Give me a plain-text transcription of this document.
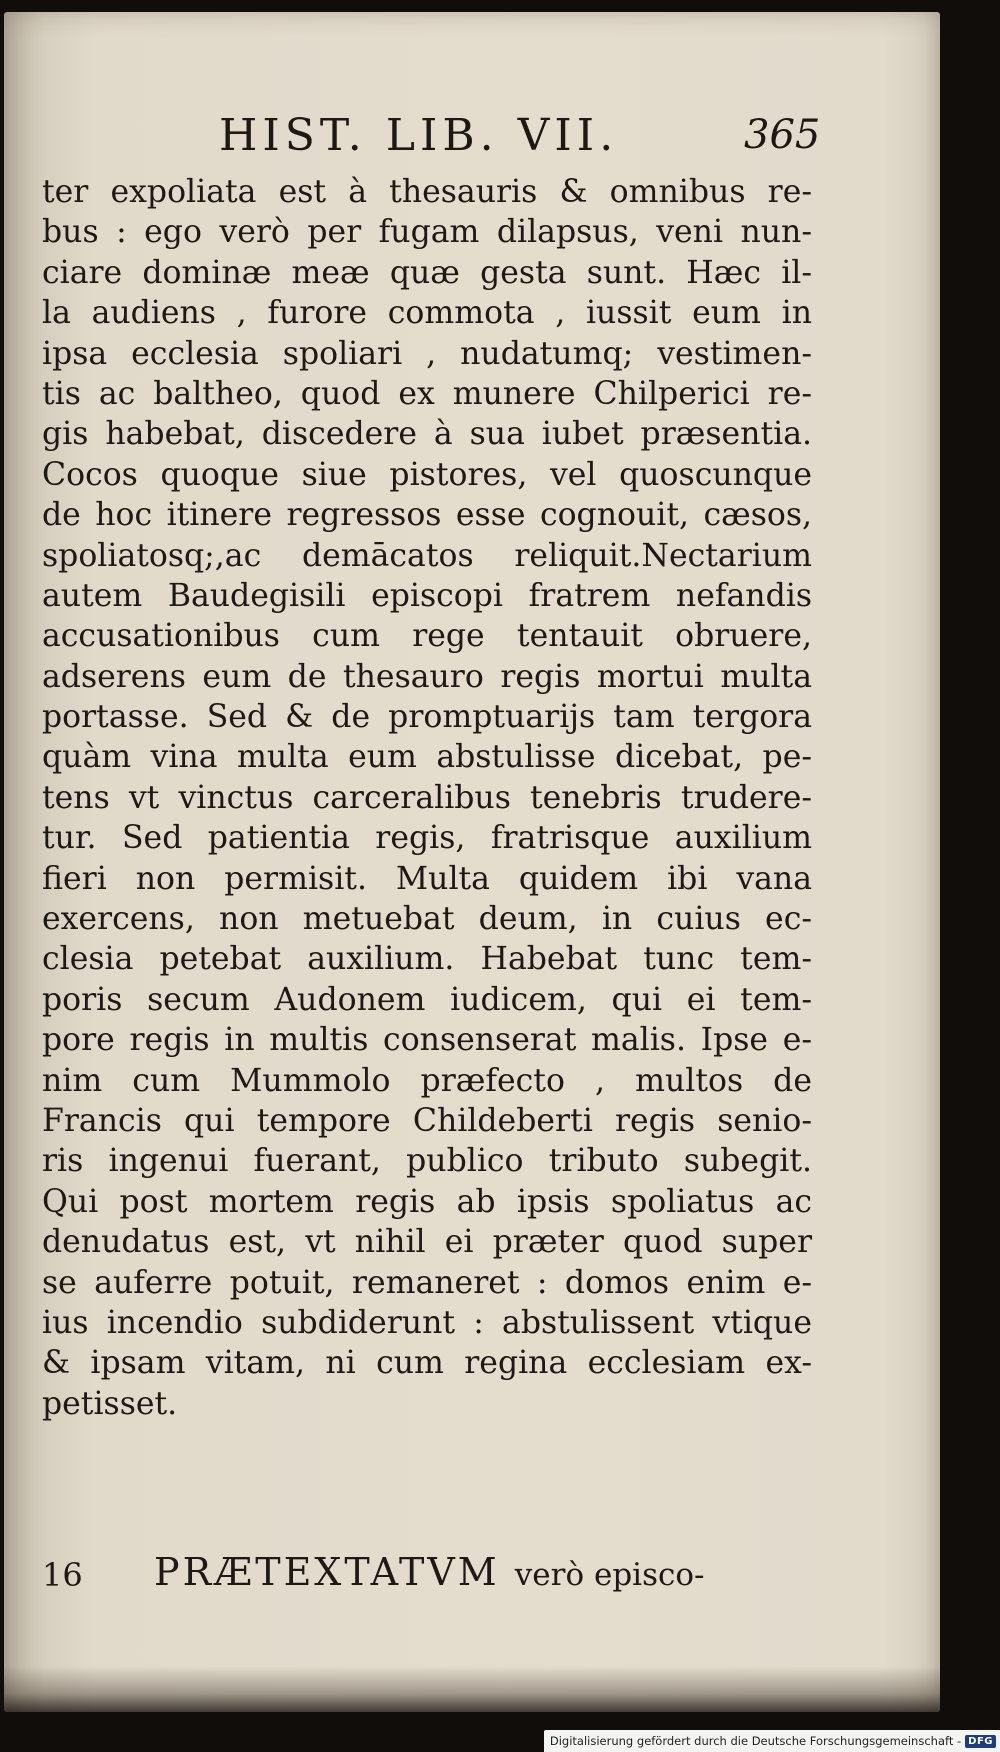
HIST. LIB. VII.	365
ter expoliata est à thesauris & omnibus re-
bus : ego verò per fugam dilapsus, veni nun-
ciare dominæ meæ quæ gesta sunt. Hæc il-
la audiens , furore commota , iussit eum in
ipsa ecclesia spoliari , nudatumq; vestimen-
tis ac baltheo, quod ex munere Chilperici re-
gis habebat, discedere à sua iubet præsentia.
Cocos quoque siue pistores, vel quoscunque
de hoc itinere regressos esse cognouit, cæsos,
spoliatosq;,ac demācatos reliquit.Nectarium
autem Baudegisili episcopi fratrem nefandis
accusationibus cum rege tentauit obruere,
adserens eum de thesauro regis mortui multa
portasse. Sed & de promptuarijs tam tergora
quàm vina multa eum abstulisse dicebat, pe-
tens vt vinctus carceralibus tenebris trudere-
tur. Sed patientia regis, fratrisque auxilium
fieri non permisit. Multa quidem ibi vana
exercens, non metuebat deum, in cuius ec-
clesia petebat auxilium. Habebat tunc tem-
poris secum Audonem iudicem, qui ei tem-
pore regis in multis consenserat malis. Ipse e-
nim cum Mummolo præfecto , multos de
Francis qui tempore Childeberti regis senio-
ris ingenui fuerant, publico tributo subegit.
Qui post mortem regis ab ipsis spoliatus ac
denudatus est, vt nihil ei præter quod super
se auferre potuit, remaneret : domos enim e-
ius incendio subdiderunt : abstulissent vtique
& ipsam vitam, ni cum regina ecclesiam ex-
petisset.
16 PRÆTEXTATVM verò episco-
Digitalisierung gefördert durch die Deutsche Forschungsgemeinschaft - DFG
